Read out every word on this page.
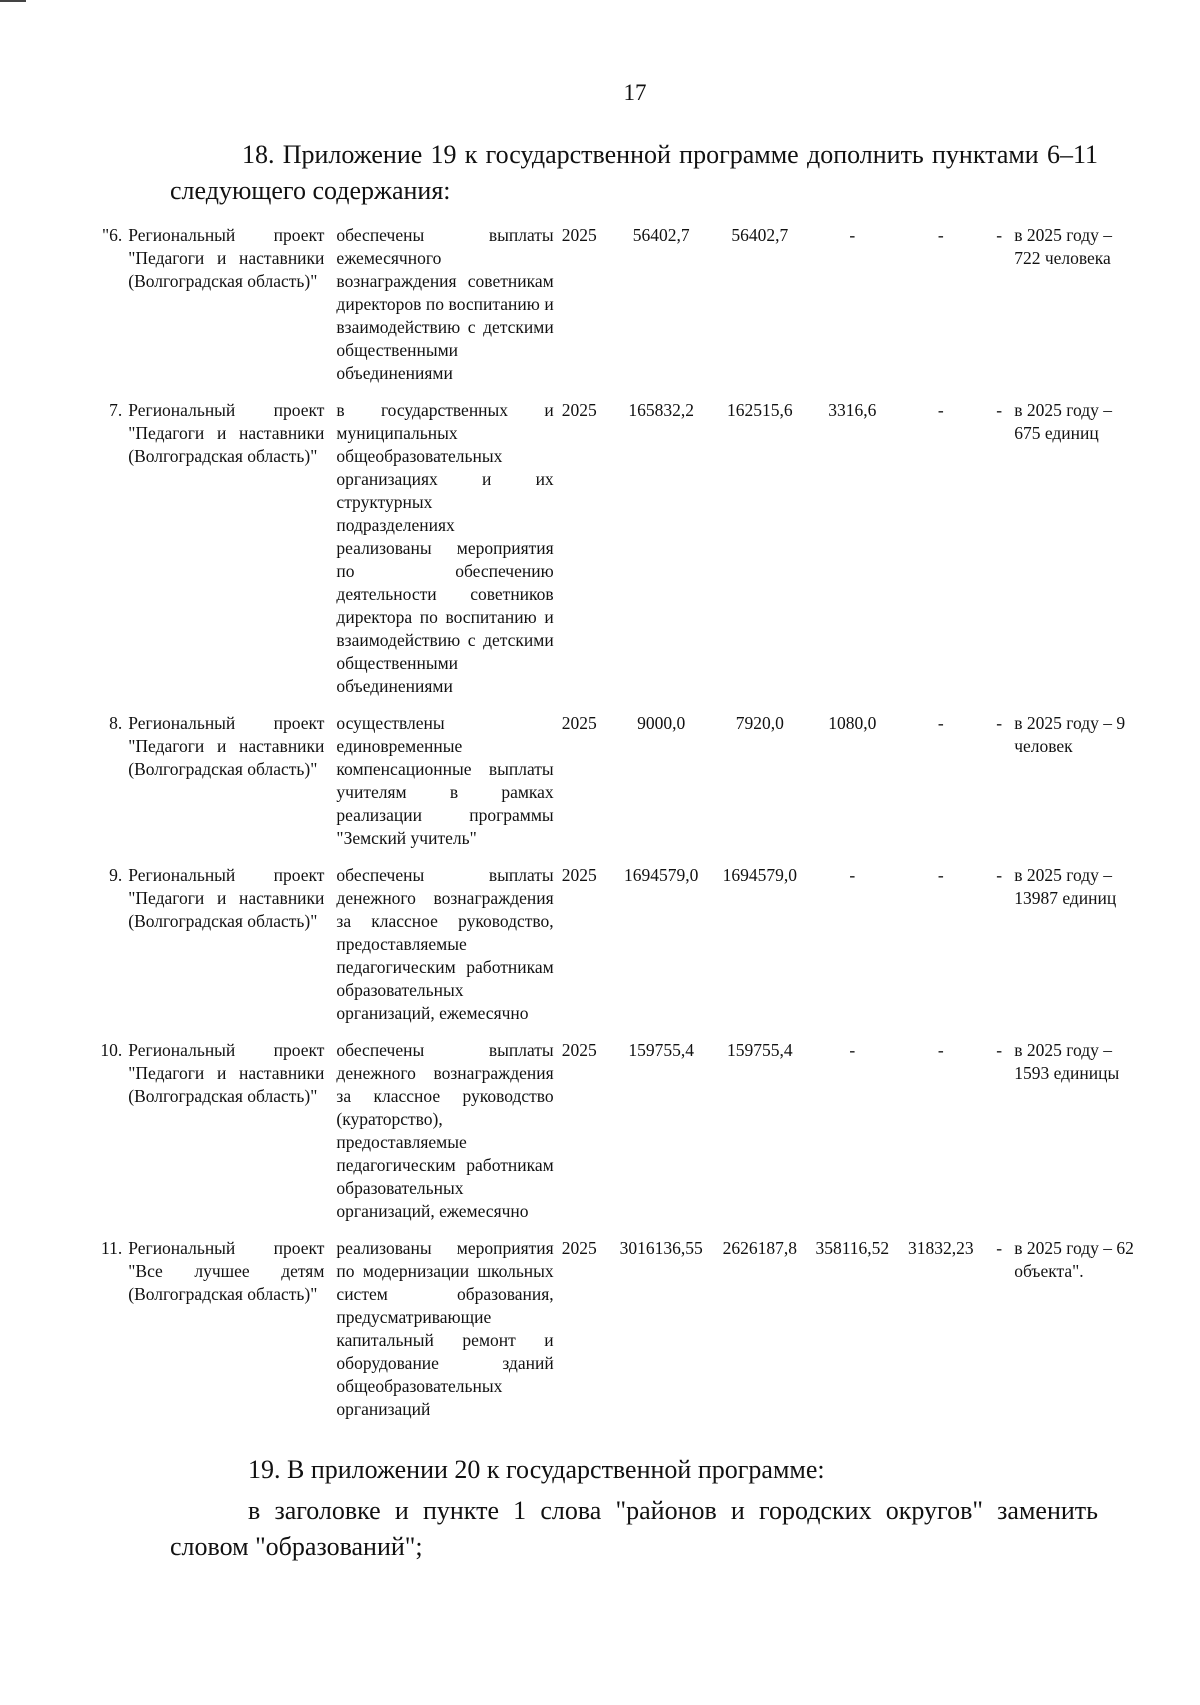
17
18. Приложение 19 к государственной программе дополнить пунктами 6–11 следующего содержания:
"6.	Региональный проект "Педагоги и наставники (Волгоградская область)"	обеспечены выплаты ежемесячного вознаграждения советникам директоров по воспитанию и взаимодействию с детскими общественными объединениями	2025	56402,7	56402,7	-	-	-	в 2025 году – 722 человека
7.	Региональный проект "Педагоги и наставники (Волгоградская область)"	в государственных и муниципальных общеобразовательных организациях и их структурных подразделениях реализованы мероприятия по обеспечению деятельности советников директора по воспитанию и взаимодействию с детскими общественными объединениями	2025	165832,2	162515,6	3316,6	-	-	в 2025 году – 675 единиц
8.	Региональный проект "Педагоги и наставники (Волгоградская область)"	осуществлены единовременные компенсационные выплаты учителям в рамках реализации программы "Земский учитель"	2025	9000,0	7920,0	1080,0	-	-	в 2025 году – 9 человек
9.	Региональный проект "Педагоги и наставники (Волгоградская область)"	обеспечены выплаты денежного вознаграждения за классное руководство, предоставляемые педагогическим работникам образовательных организаций, ежемесячно	2025	1694579,0	1694579,0	-	-	-	в 2025 году – 13987 единиц
10.	Региональный проект "Педагоги и наставники (Волгоградская область)"	обеспечены выплаты денежного вознаграждения за классное руководство (кураторство), предоставляемые педагогическим работникам образовательных организаций, ежемесячно	2025	159755,4	159755,4	-	-	-	в 2025 году – 1593 единицы
11.	Региональный проект "Все лучшее детям (Волгоградская область)"	реализованы мероприятия по модернизации школьных систем образования, предусматривающие капитальный ремонт и оборудование зданий общеобразовательных организаций	2025	3016136,55	2626187,8	358116,52	31832,23	-	в 2025 году – 62 объекта".
19. В приложении 20 к государственной программе:
в заголовке и пункте 1 слова "районов и городских округов" заменить словом "образований";
